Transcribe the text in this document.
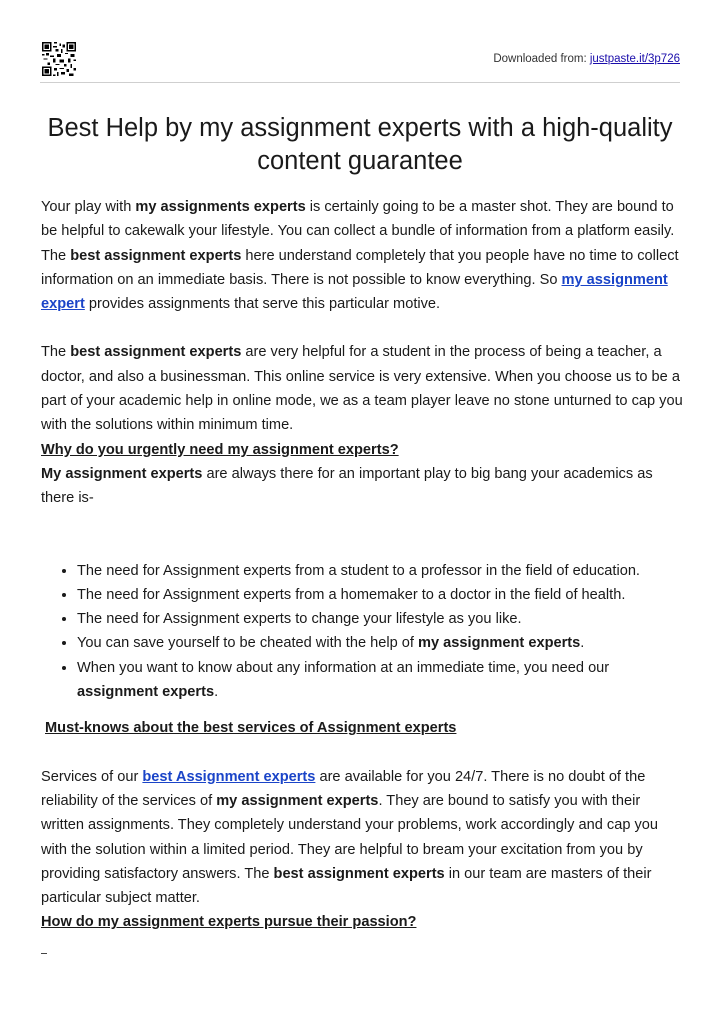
Downloaded from: justpaste.it/3p726
Best Help by my assignment experts with a high-quality content guarantee

Your play with my assignments experts is certainly going to be a master shot. They are bound to be helpful to cakewalk your lifestyle. You can collect a bundle of information from a platform easily. The best assignment experts here understand completely that you people have no time to collect information on an immediate basis. There is not possible to know everything. So my assignment expert provides assignments that serve this particular motive.

The best assignment experts are very helpful for a student in the process of being a teacher, a doctor, and also a businessman. This online service is very extensive. When you choose us to be a part of your academic help in online mode, we as a team player leave no stone unturned to cap you with the solutions within minimum time.

Why do you urgently need my assignment experts?

My assignment experts are always there for an important play to big bang your academics as there is-

• The need for Assignment experts from a student to a professor in the field of education.
• The need for Assignment experts from a homemaker to a doctor in the field of health.
• The need for Assignment experts to change your lifestyle as you like.
• You can save yourself to be cheated with the help of my assignment experts.
• When you want to know about any information at an immediate time, you need our assignment experts.

Must-knows about the best services of Assignment experts

Services of our best Assignment experts are available for you 24/7. There is no doubt of the reliability of the services of my assignment experts. They are bound to satisfy you with their written assignments. They completely understand your problems, work accordingly and cap you with the solution within a limited period. They are helpful to bream your excitation from you by providing satisfactory answers. The best assignment experts in our team are masters of their particular subject matter.

How do my assignment experts pursue their passion?
